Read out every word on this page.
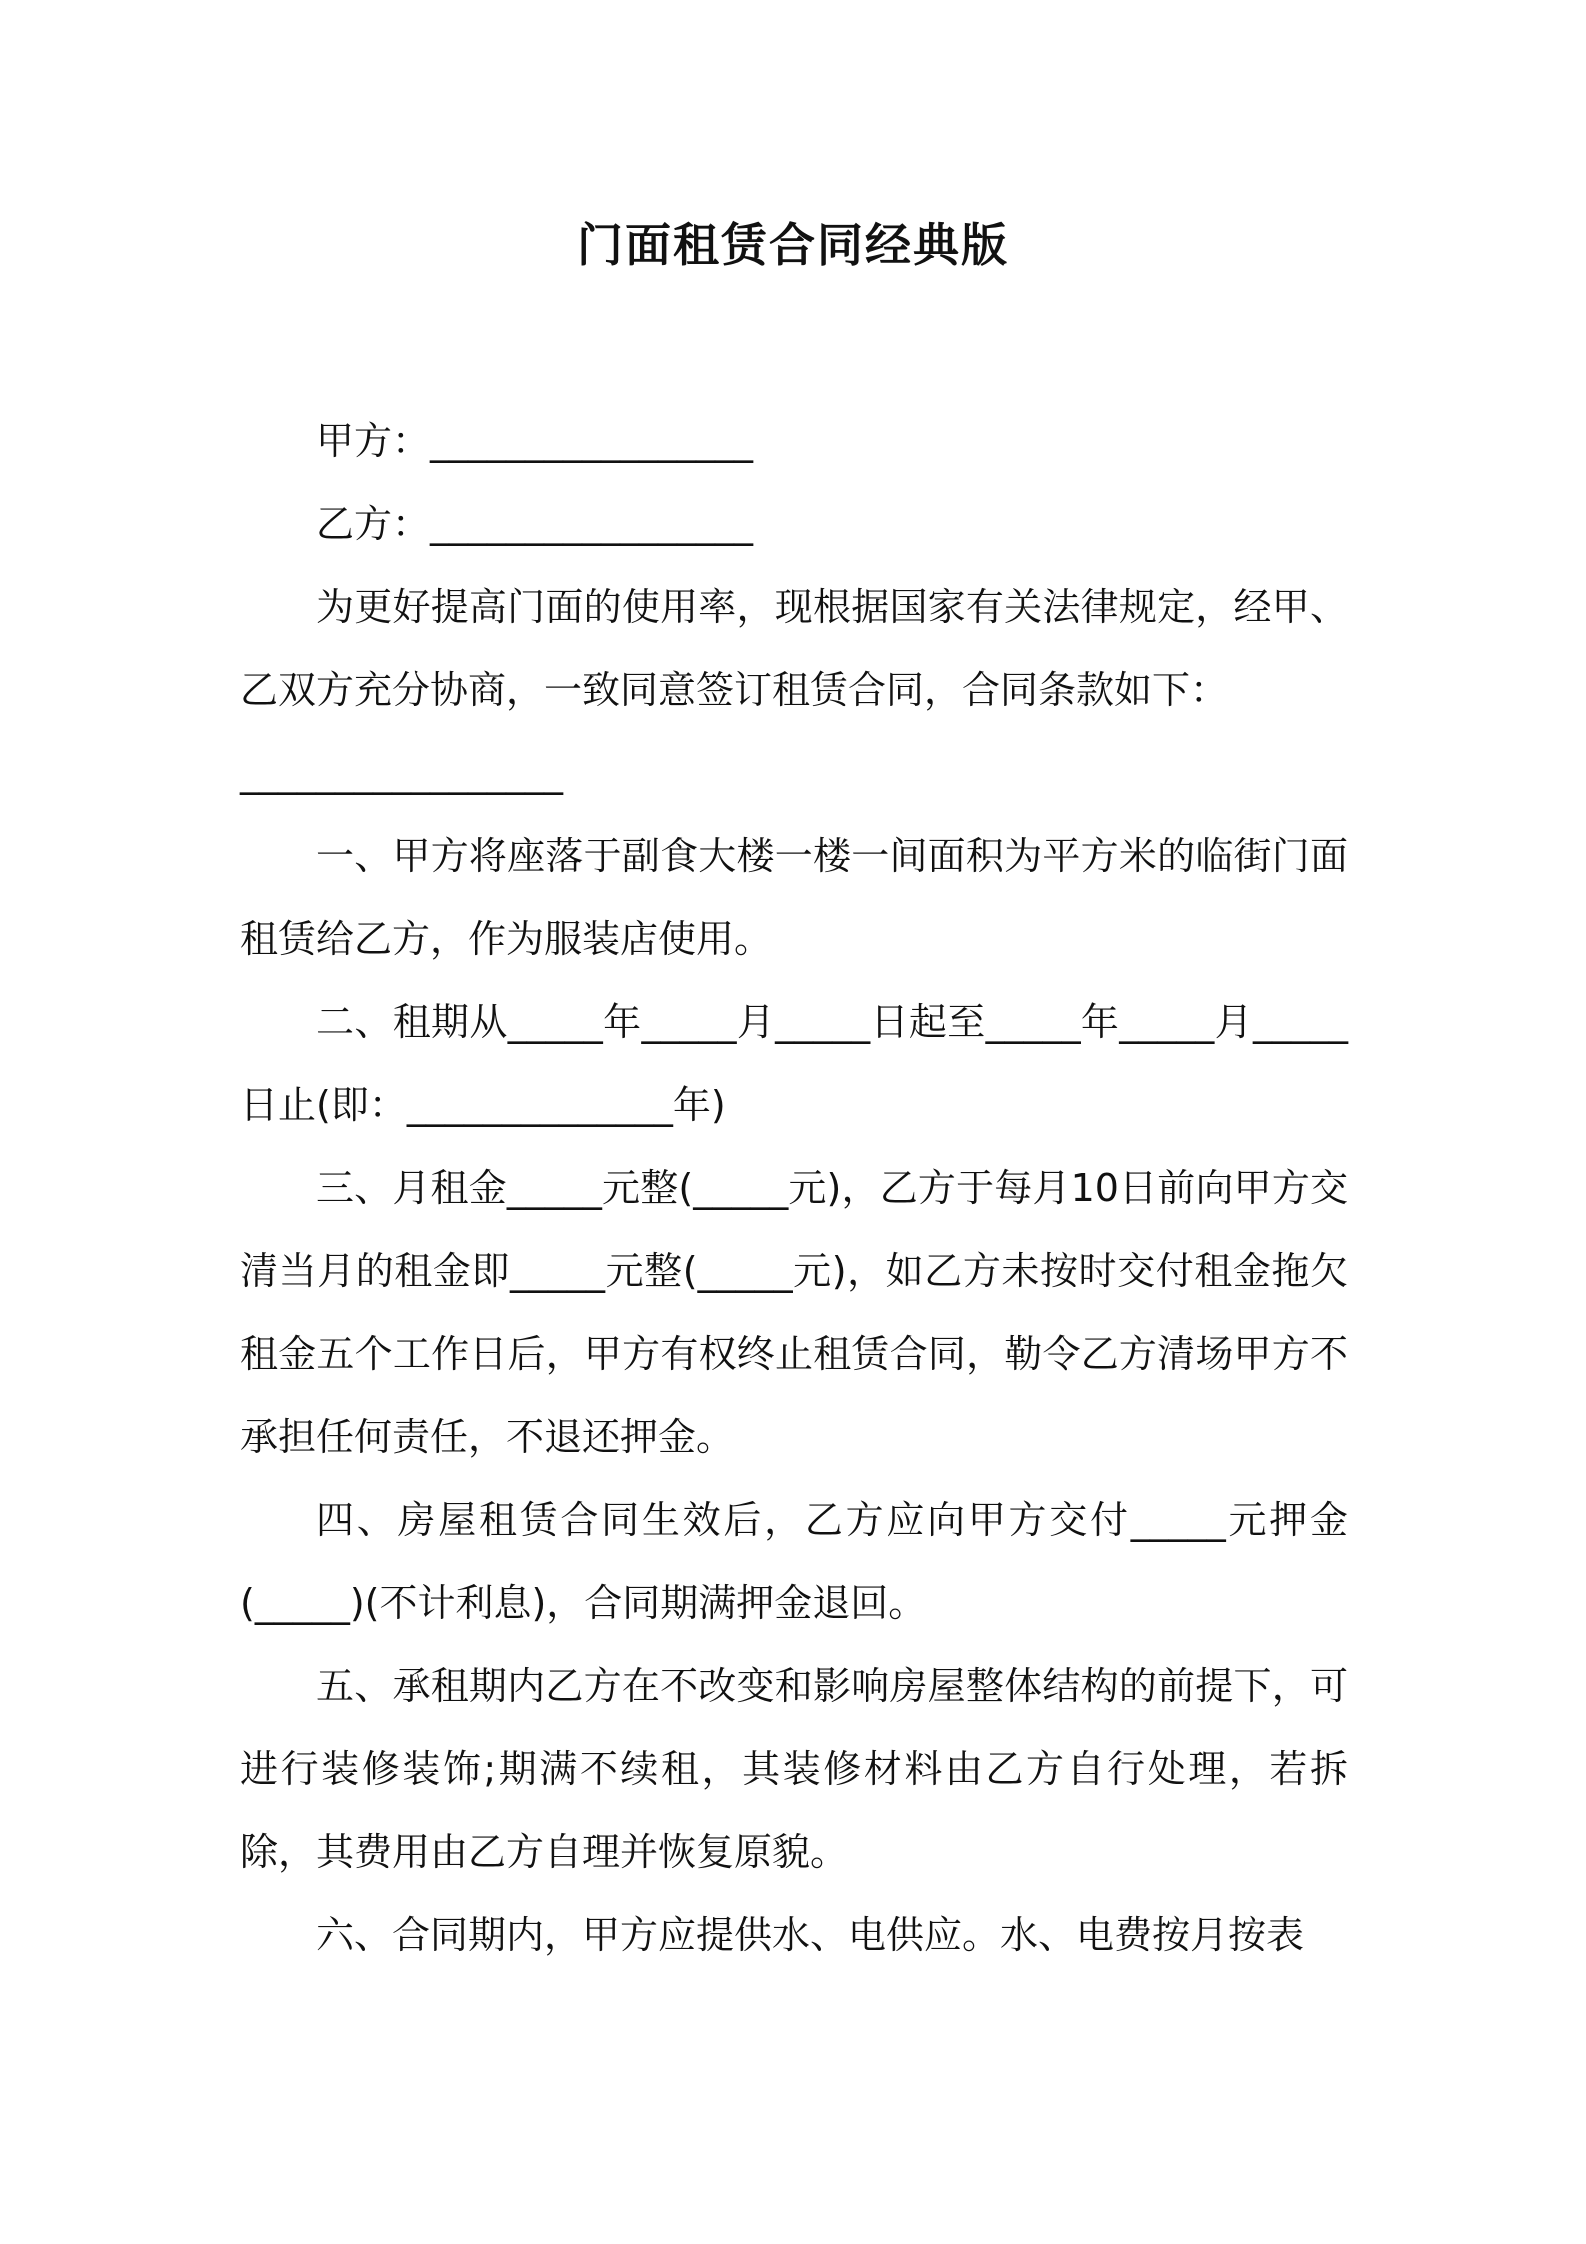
门面租赁合同经典版

甲方：_________________

乙方：_________________

为更好提高门面的使用率，现根据国家有关法律规定，经甲、乙双方充分协商，一致同意签订租赁合同，合同条款如下：

_________________

一、甲方将座落于副食大楼一楼一间面积为平方米的临街门面租赁给乙方，作为服装店使用。

二、租期从_____年_____月_____日起至_____年_____月_____日止(即：______________年)

三、月租金_____元整(_____元)，乙方于每月10日前向甲方交清当月的租金即_____元整(_____元)，如乙方未按时交付租金拖欠租金五个工作日后，甲方有权终止租赁合同，勒令乙方清场甲方不承担任何责任，不退还押金。

四、房屋租赁合同生效后，乙方应向甲方交付_____元押金(_____)(不计利息)，合同期满押金退回。

五、承租期内乙方在不改变和影响房屋整体结构的前提下，可进行装修装饰;期满不续租，其装修材料由乙方自行处理，若拆除，其费用由乙方自理并恢复原貌。

六、合同期内，甲方应提供水、电供应。水、电费按月按表
